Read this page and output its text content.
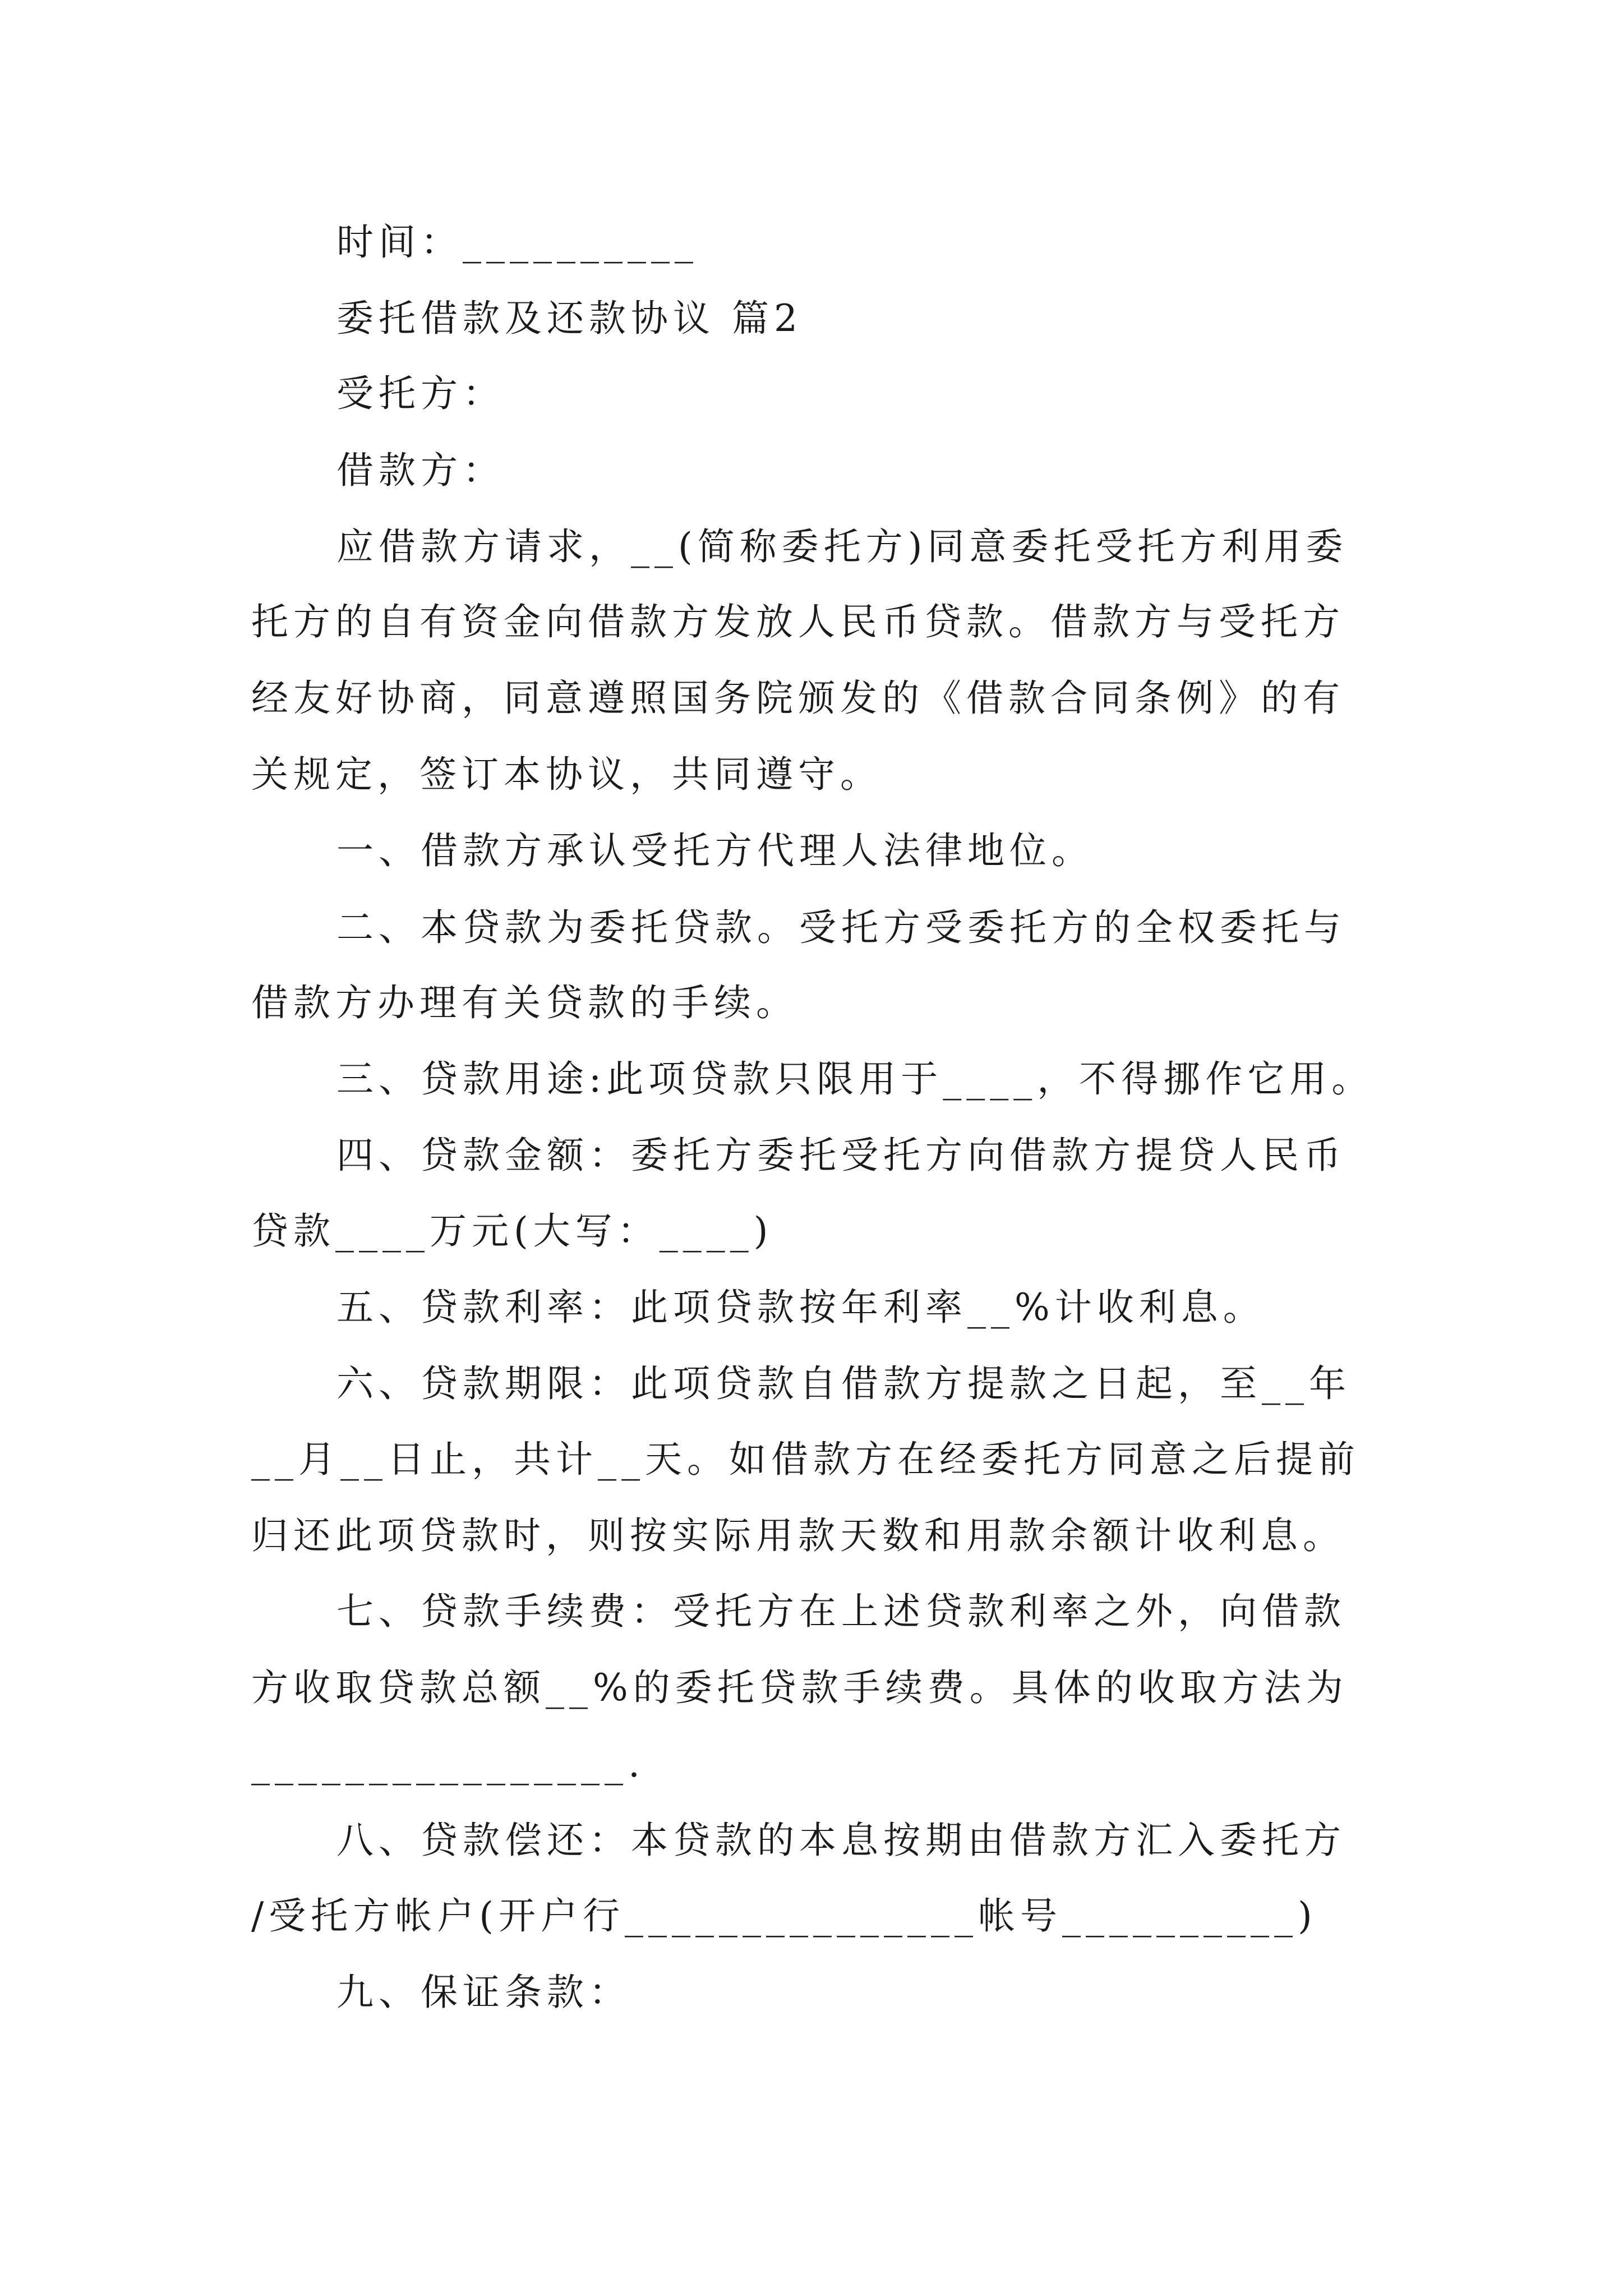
时间：__________
委托借款及还款协议 篇2
受托方：
借款方：
应借款方请求，__(简称委托方)同意委托受托方利用委
托方的自有资金向借款方发放人民币贷款。借款方与受托方
经友好协商，同意遵照国务院颁发的《借款合同条例》的有
关规定，签订本协议，共同遵守。
一、借款方承认受托方代理人法律地位。
二、本贷款为委托贷款。受托方受委托方的全权委托与
借款方办理有关贷款的手续。
三、贷款用途:此项贷款只限用于____，不得挪作它用。
四、贷款金额：委托方委托受托方向借款方提贷人民币
贷款____万元(大写：____)
五、贷款利率：此项贷款按年利率__%计收利息。
六、贷款期限：此项贷款自借款方提款之日起，至__年
__月__日止，共计__天。如借款方在经委托方同意之后提前
归还此项贷款时，则按实际用款天数和用款余额计收利息。
七、贷款手续费：受托方在上述贷款利率之外，向借款
方收取贷款总额__%的委托贷款手续费。具体的收取方法为
________________.
八、贷款偿还：本贷款的本息按期由借款方汇入委托方
/受托方帐户(开户行_______________帐号__________)
九、保证条款：
